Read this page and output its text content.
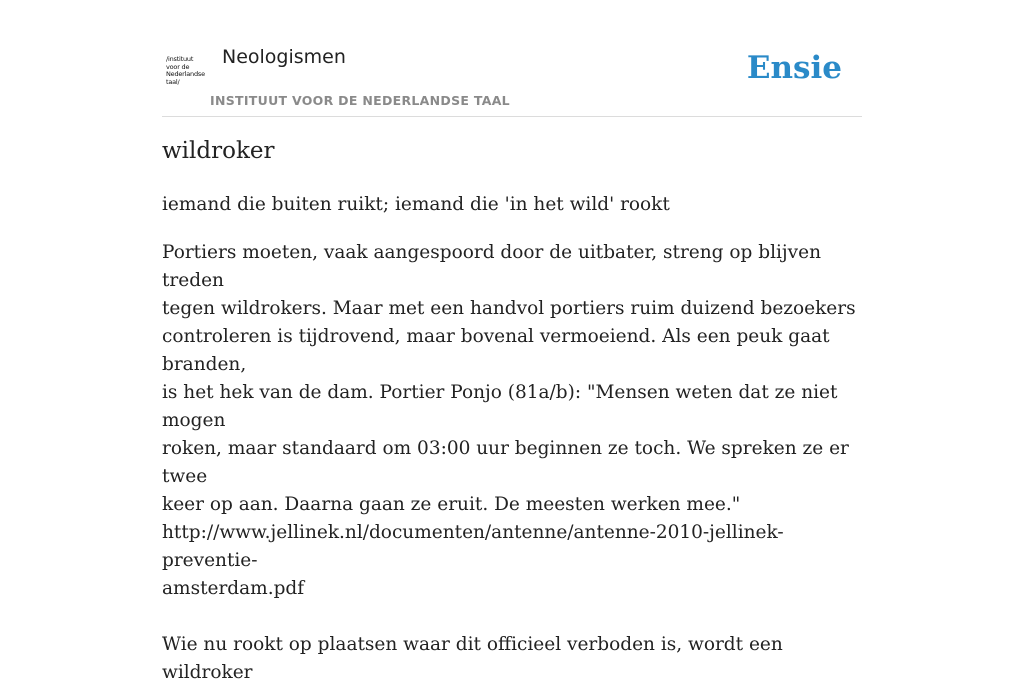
/instituut
voor de
Nederlandse
taal/
Neologismen
INSTITUUT VOOR DE NEDERLANDSE TAAL
Ensie
wildroker

iemand die buiten ruikt; iemand die 'in het wild' rookt

Portiers moeten, vaak aangespoord door de uitbater, streng op blijven treden
tegen wildrokers. Maar met een handvol portiers ruim duizend bezoekers
controleren is tijdrovend, maar bovenal vermoeiend. Als een peuk gaat branden,
is het hek van de dam. Portier Ponjo (81a/b): "Mensen weten dat ze niet mogen
roken, maar standaard om 03:00 uur beginnen ze toch. We spreken ze er twee
keer op aan. Daarna gaan ze eruit. De meesten werken mee."
http://www.jellinek.nl/documenten/antenne/antenne-2010-jellinek-preventie-
amsterdam.pdf
Wie nu rookt op plaatsen waar dit officieel verboden is, wordt een wildroker
